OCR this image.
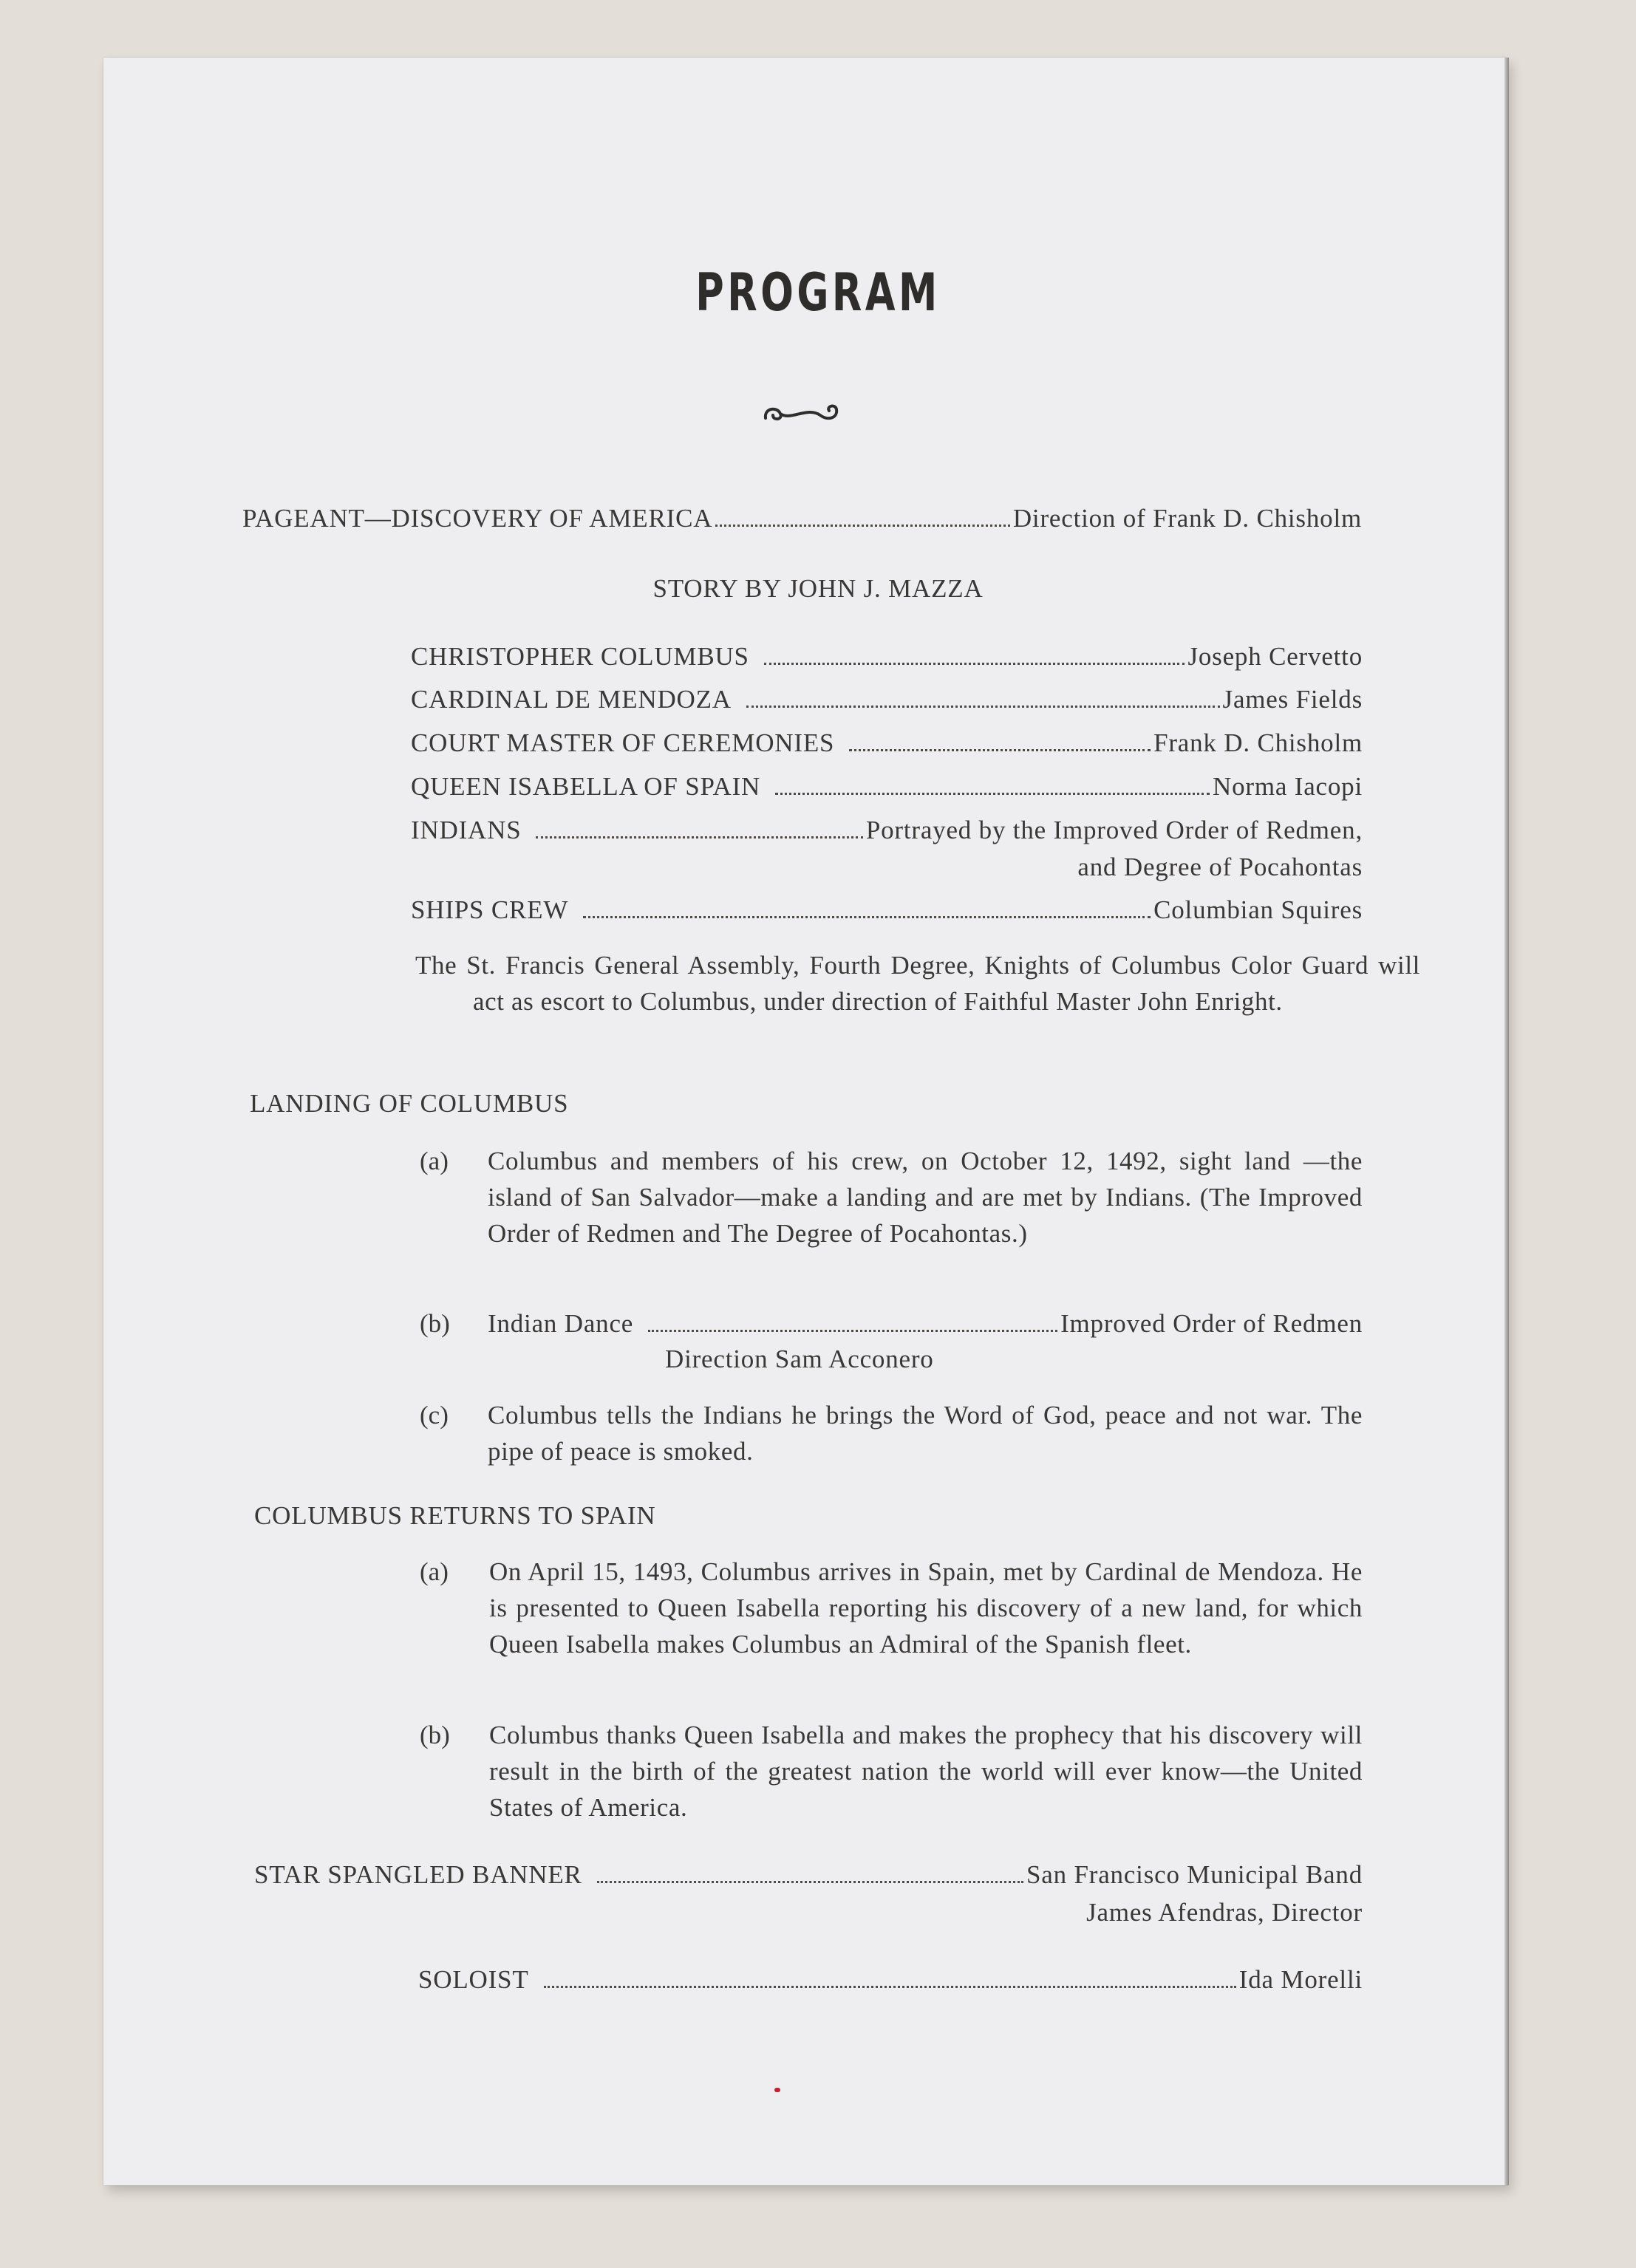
PROGRAM
PAGEANT—DISCOVERY OF AMERICA	Direction of Frank D. Chisholm
STORY BY JOHN J. MAZZA
CHRISTOPHER COLUMBUS	Joseph Cervetto
CARDINAL DE MENDOZA	James Fields
COURT MASTER OF CEREMONIES	Frank D. Chisholm
QUEEN ISABELLA OF SPAIN	Norma Iacopi
INDIANS	Portrayed by the Improved Order of Redmen,
and Degree of Pocahontas
SHIPS CREW	Columbian Squires
The St. Francis General Assembly, Fourth Degree, Knights of Columbus Color Guard will act as escort to Columbus, under direction of Faithful Master John Enright.
LANDING OF COLUMBUS
(a) Columbus and members of his crew, on October 12, 1492, sight land —the island of San Salvador—make a landing and are met by Indians. (The Improved Order of Redmen and The Degree of Pocahontas.)
(b) Indian Dance	Improved Order of Redmen
Direction Sam Acconero
(c) Columbus tells the Indians he brings the Word of God, peace and not war. The pipe of peace is smoked.
COLUMBUS RETURNS TO SPAIN
(a) On April 15, 1493, Columbus arrives in Spain, met by Cardinal de Mendoza. He is presented to Queen Isabella reporting his discovery of a new land, for which Queen Isabella makes Columbus an Admiral of the Spanish fleet.
(b) Columbus thanks Queen Isabella and makes the prophecy that his discovery will result in the birth of the greatest nation the world will ever know—the United States of America.
STAR SPANGLED BANNER	San Francisco Municipal Band
James Afendras, Director
SOLOIST	Ida Morelli
